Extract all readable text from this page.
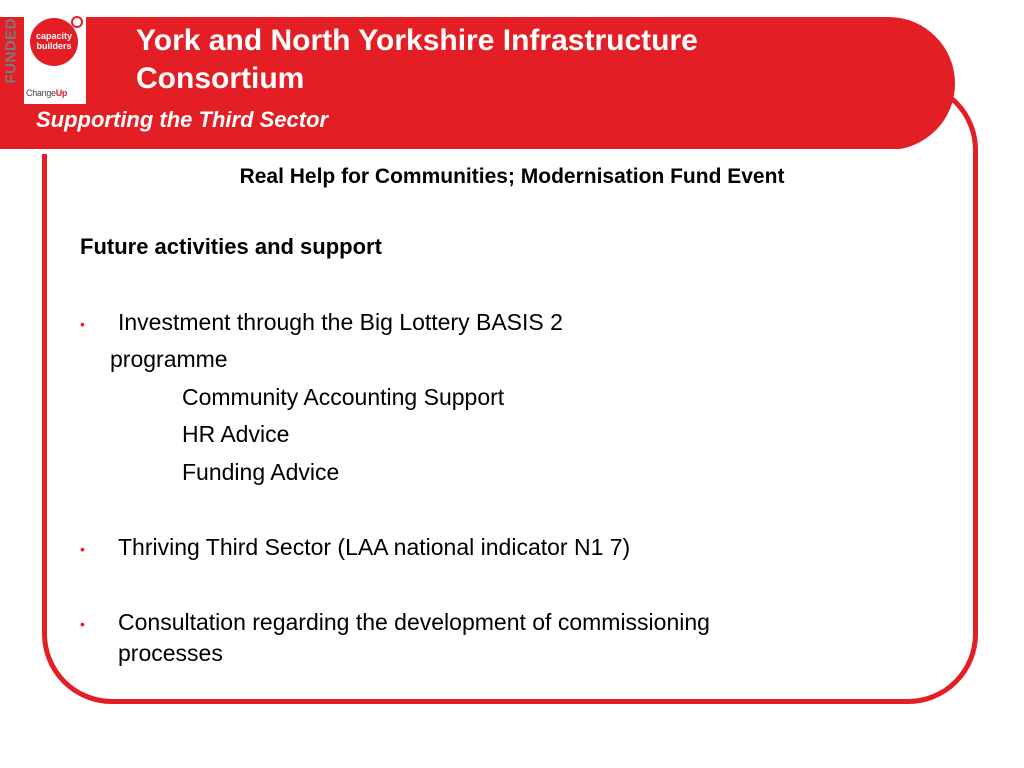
FUNDED capacity
builders
ChangeUp
York and North Yorkshire Infrastructure
Consortium
Supporting the Third Sector
Real Help for Communities; Modernisation Fund Event
Future activities and support
• Investment through the Big Lottery BASIS 2
programme
Community Accounting Support
HR Advice
Funding Advice
• Thriving Third Sector (LAA national indicator N1 7)
• Consultation regarding the development of commissioning
processes
